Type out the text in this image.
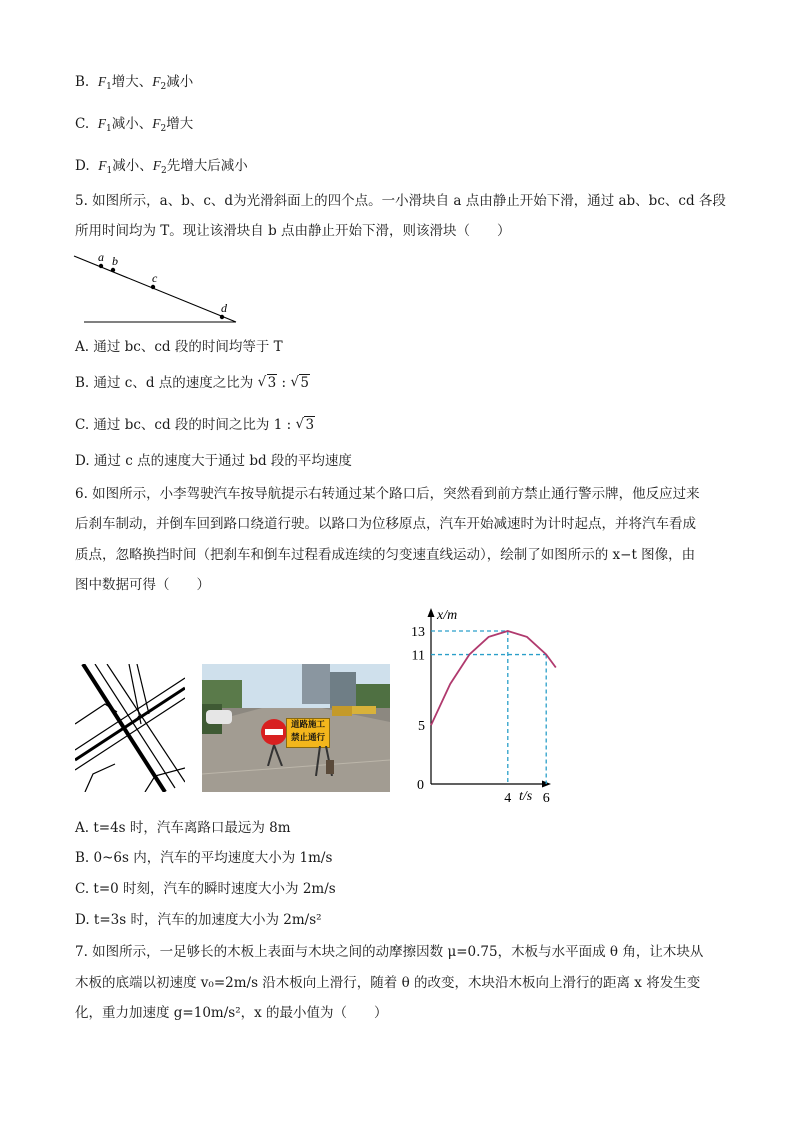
B. $F_1$增大、$F_2$减小
C. $F_1$减小、$F_2$增大
D. $F_1$减小、$F_2$先增大后减小
5. 如图所示，a、b、c、d为光滑斜面上的四个点。一小滑块自 a 点由静止开始下滑，通过 ab、bc、cd 各段
所用时间均为 T。现让该滑块自 b 点由静止开始下滑，则该滑块（　　）
a b
c
d
A. 通过 bc、cd 段的时间均等于 T
B. 通过 c、d 点的速度之比为 √ 3 : √ 5
C. 通过 bc、cd 段的时间之比为 1 : √ 3
D. 通过 c 点的速度大于通过 bd 段的平均速度
6. 如图所示，小李驾驶汽车按导航提示右转通过某个路口后，突然看到前方禁止通行警示牌，他反应过来
后刹车制动，并倒车回到路口绕道行驶。以路口为位移原点，汽车开始减速时为计时起点，并将汽车看成
质点，忽略换挡时间（把刹车和倒车过程看成连续的匀变速直线运动），绘制了如图所示的 x−t 图像，由
图中数据可得（　　）
道路施工
禁止通行
x/m
t/s
0
5
11
13
4 6
A. t=4s 时，汽车离路口最远为 8m
B. 0~6s 内，汽车的平均速度大小为 1m/s
C. t=0 时刻，汽车的瞬时速度大小为 2m/s
D. t=3s 时，汽车的加速度大小为 2m/s²
7. 如图所示，一足够长的木板上表面与木块之间的动摩擦因数 μ=0.75，木板与水平面成 θ 角，让木块从
木板的底端以初速度 v₀=2m/s 沿木板向上滑行，随着 θ 的改变，木块沿木板向上滑行的距离 x 将发生变
化，重力加速度 g=10m/s²，x 的最小值为（　　）
